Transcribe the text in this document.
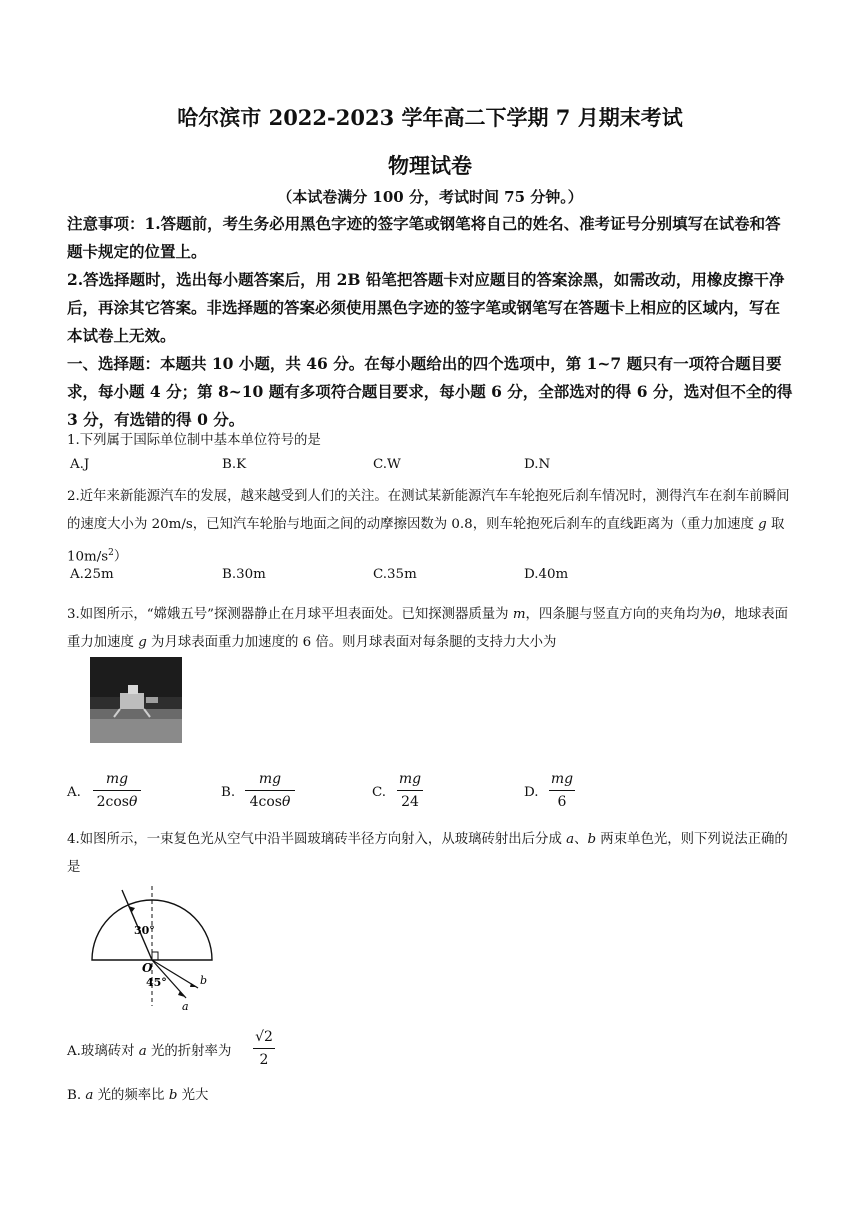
哈尔滨市 2022-2023 学年高二下学期 7 月期末考试
物理试卷
（本试卷满分 100 分，考试时间 75 分钟。）

注意事项：1.答题前，考生务必用黑色字迹的签字笔或钢笔将自己的姓名、准考证号分别填写在试卷和答题卡规定的位置上。

2.答选择题时，选出每小题答案后，用 2B 铅笔把答题卡对应题目的答案涂黑，如需改动，用橡皮擦干净后，再涂其它答案。非选择题的答案必须使用黑色字迹的签字笔或钢笔写在答题卡上相应的区域内，写在本试卷上无效。

一、选择题：本题共 10 小题，共 46 分。在每小题给出的四个选项中，第 1~7 题只有一项符合题目要求，每小题 4 分；第 8~10 题有多项符合题目要求，每小题 6 分，全部选对的得 6 分，选对但不全的得 3 分，有选错的得 0 分。

1.下列属于国际单位制中基本单位符号的是
A.J	B.K	C.W	D.N
2.近年来新能源汽车的发展，越来越受到人们的关注。在测试某新能源汽车车轮抱死后刹车情况时，测得汽车在刹车前瞬间的速度大小为 20m/s，已知汽车轮胎与地面之间的动摩擦因数为 0.8，则车轮抱死后刹车的直线距离为（重力加速度 g 取 $10m/s^2$）
A.25m	B.30m	C.35m	D.40m
3.如图所示，“嫦娥五号”探测器静止在月球平坦表面处。已知探测器质量为 m，四条腿与竖直方向的夹角均为θ，地球表面重力加速度 g 为月球表面重力加速度的 6 倍。则月球表面对每条腿的支持力大小为
A.
mg
2cosθ
B.
mg
4cosθ
C.
mg
24
D.
mg
6
4.如图所示，一束复色光从空气中沿半圆玻璃砖半径方向射入，从玻璃砖射出后分成 a、b 两束单色光，则下列说法正确的是
30°
O
45°
a
b
A.玻璃砖对 a 光的折射率为
√2
2
B. a 光的频率比 b 光大
